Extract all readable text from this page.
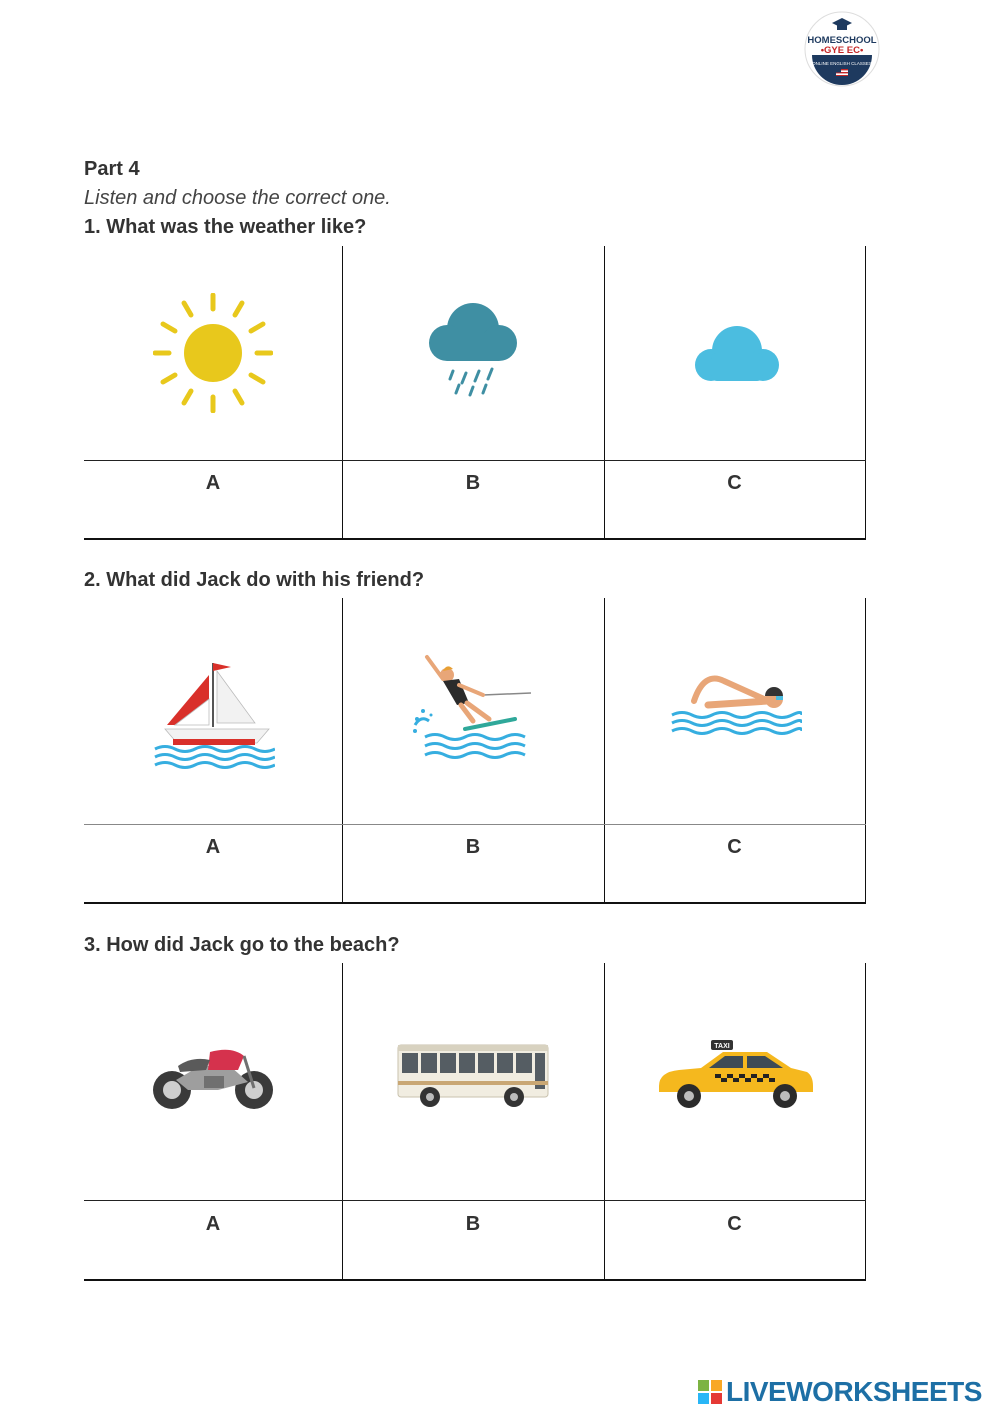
HOMESCHOOL
•GYE EC•
ONLINE ENGLISH CLASSES
Part 4
Listen and choose the correct one.
1. What was the weather like?
A	B	C
2. What did Jack do with his friend?
A	B	C
3. How did Jack go to the beach?
TAXI
A	B	C
LIVEWORKSHEETS
